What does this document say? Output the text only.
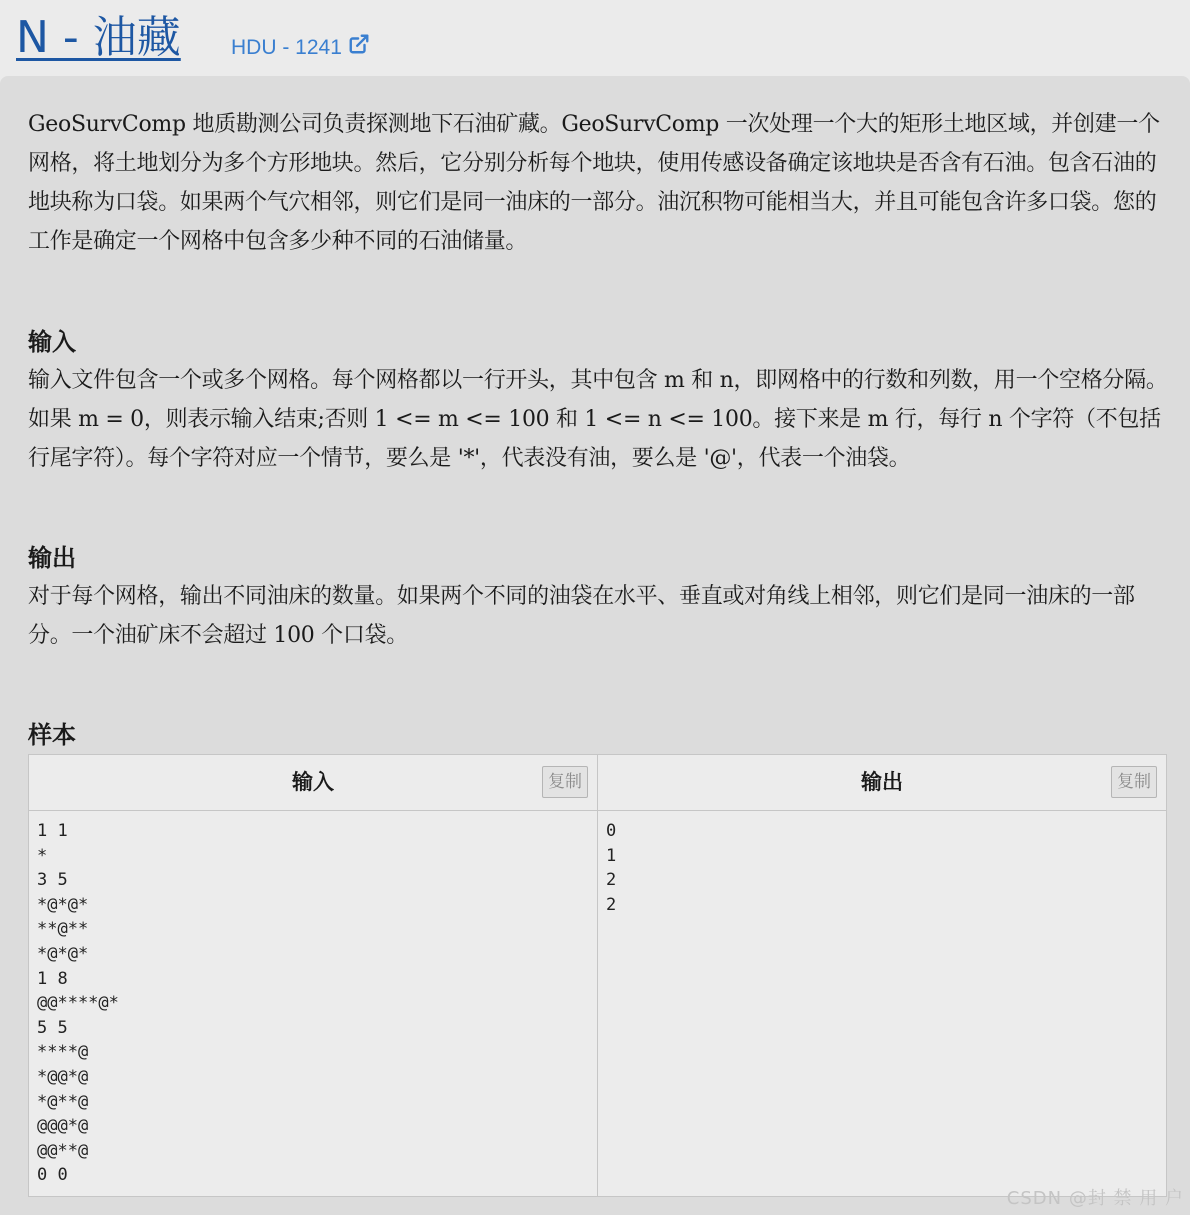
N - 油藏 HDU - 1241
GeoSurvComp 地质勘测公司负责探测地下石油矿藏。GeoSurvComp 一次处理一个大的矩形土地区域，并创建一个网格，将土地划分为多个方形地块。然后，它分别分析每个地块，使用传感设备确定该地块是否含有石油。包含石油的地块称为口袋。如果两个气穴相邻，则它们是同一油床的一部分。油沉积物可能相当大，并且可能包含许多口袋。您的工作是确定一个网格中包含多少种不同的石油储量。
输入
输入文件包含一个或多个网格。每个网格都以一行开头，其中包含 m 和 n，即网格中的行数和列数，用一个空格分隔。如果 m = 0，则表示输入结束;否则 1 <= m <= 100 和 1 <= n <= 100。接下来是 m 行，每行 n 个字符（不包括行尾字符）。每个字符对应一个情节，要么是 '*'，代表没有油，要么是 '@'，代表一个油袋。
输出
对于每个网格，输出不同油床的数量。如果两个不同的油袋在水平、垂直或对角线上相邻，则它们是同一油床的一部分。一个油矿床不会超过 100 个口袋。
样本
输入	复制
1 1
*
3 5
*@*@*
**@**
*@*@*
1 8
@@****@*
5 5
****@
*@@*@
*@**@
@@@*@
@@**@
0 0
输出	复制
0
1
2
2
CSDN @封 禁 用 户
